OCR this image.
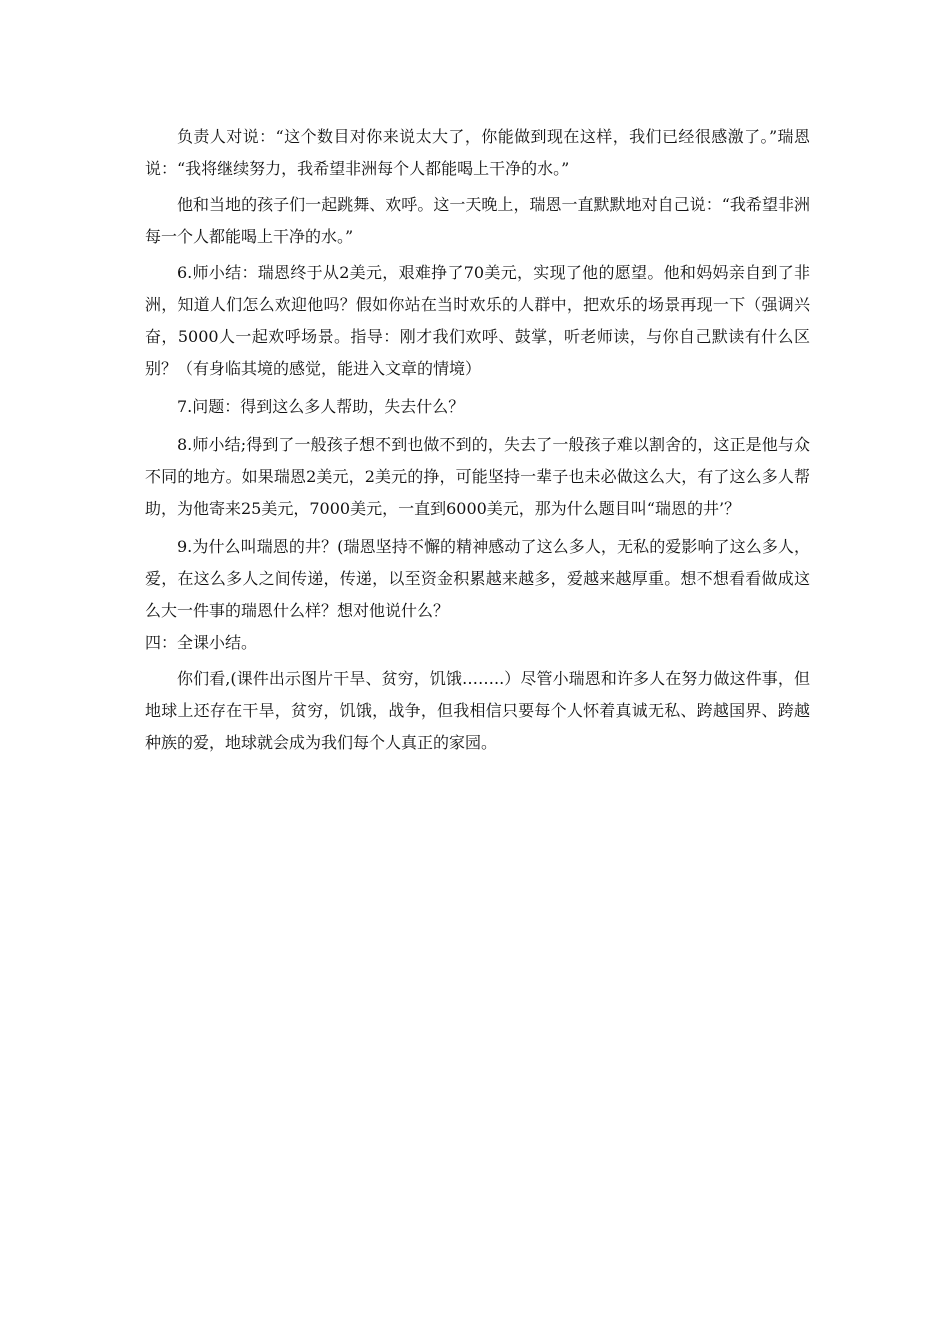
负责人对说：“这个数目对你来说太大了，你能做到现在这样，我们已经很感激了。”瑞恩说：“我将继续努力，我希望非洲每个人都能喝上干净的水。”

他和当地的孩子们一起跳舞、欢呼。这一天晚上，瑞恩一直默默地对自己说：“我希望非洲每一个人都能喝上干净的水。”

6.师小结：瑞恩终于从2美元，艰难挣了70美元，实现了他的愿望。他和妈妈亲自到了非洲，知道人们怎么欢迎他吗？假如你站在当时欢乐的人群中，把欢乐的场景再现一下（强调兴奋，5000人一起欢呼场景。指导：刚才我们欢呼、鼓掌，听老师读，与你自己默读有什么区别？（有身临其境的感觉，能进入文章的情境）

7.问题：得到这么多人帮助，失去什么？

8.师小结;得到了一般孩子想不到也做不到的，失去了一般孩子难以割舍的，这正是他与众不同的地方。如果瑞恩2美元，2美元的挣，可能坚持一辈子也未必做这么大，有了这么多人帮助，为他寄来25美元，7000美元，一直到6000美元，那为什么题目叫“瑞恩的井’？

9.为什么叫瑞恩的井？(瑞恩坚持不懈的精神感动了这么多人，无私的爱影响了这么多人，爱，在这么多人之间传递，传递，以至资金积累越来越多，爱越来越厚重。想不想看看做成这么大一件事的瑞恩什么样？想对他说什么？

四：全课小结。

你们看,(课件出示图片干旱、贫穷，饥饿……..）尽管小瑞恩和许多人在努力做这件事，但地球上还存在干旱，贫穷，饥饿，战争，但我相信只要每个人怀着真诚无私、跨越国界、跨越种族的爱，地球就会成为我们每个人真正的家园。
